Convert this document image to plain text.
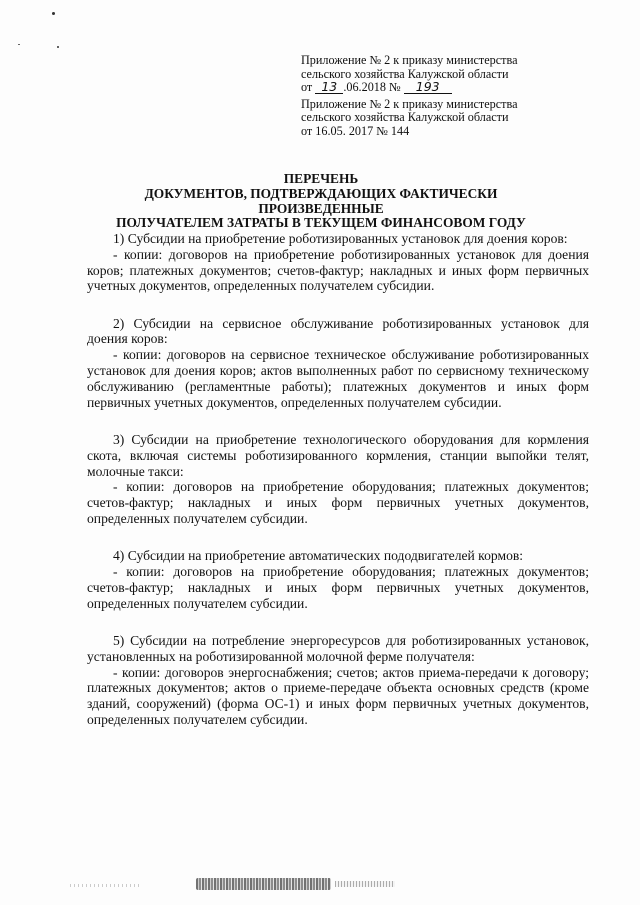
Приложение № 2 к приказу министерства
сельского хозяйства Калужской области
от 13 .06.2018 № 193
Приложение № 2 к приказу министерства
сельского хозяйства Калужской области
от 16.05. 2017 № 144
ПЕРЕЧЕНЬ
ДОКУМЕНТОВ, ПОДТВЕРЖДАЮЩИХ ФАКТИЧЕСКИ ПРОИЗВЕДЕННЫЕ
ПОЛУЧАТЕЛЕМ ЗАТРАТЫ В ТЕКУЩЕМ ФИНАНСОВОМ ГОДУ

1) Субсидии на приобретение роботизированных установок для доения коров:

- копии: договоров на приобретение роботизированных установок для доения коров; платежных документов; счетов-фактур; накладных и иных форм первичных учетных документов, определенных получателем субсидии.

2) Субсидии на сервисное обслуживание роботизированных установок для доения коров:

- копии: договоров на сервисное техническое обслуживание роботизированных установок для доения коров; актов выполненных работ по сервисному техническому обслуживанию (регламентные работы); платежных документов и иных форм первичных учетных документов, определенных получателем субсидии.

3) Субсидии на приобретение технологического оборудования для кормления скота, включая системы роботизированного кормления, станции выпойки телят, молочные такси:

- копии: договоров на приобретение оборудования; платежных документов; счетов-фактур; накладных и иных форм первичных учетных документов, определенных получателем субсидии.

4) Субсидии на приобретение автоматических пододвигателей кормов:

- копии: договоров на приобретение оборудования; платежных документов; счетов-фактур; накладных и иных форм первичных учетных документов, определенных получателем субсидии.

5) Субсидии на потребление энергоресурсов для роботизированных установок, установленных на роботизированной молочной ферме получателя:

- копии: договоров энергоснабжения; счетов; актов приема-передачи к договору; платежных документов; актов о приеме-передаче объекта основных средств (кроме зданий, сооружений) (форма ОС-1) и иных форм первичных учетных документов, определенных получателем субсидии.
